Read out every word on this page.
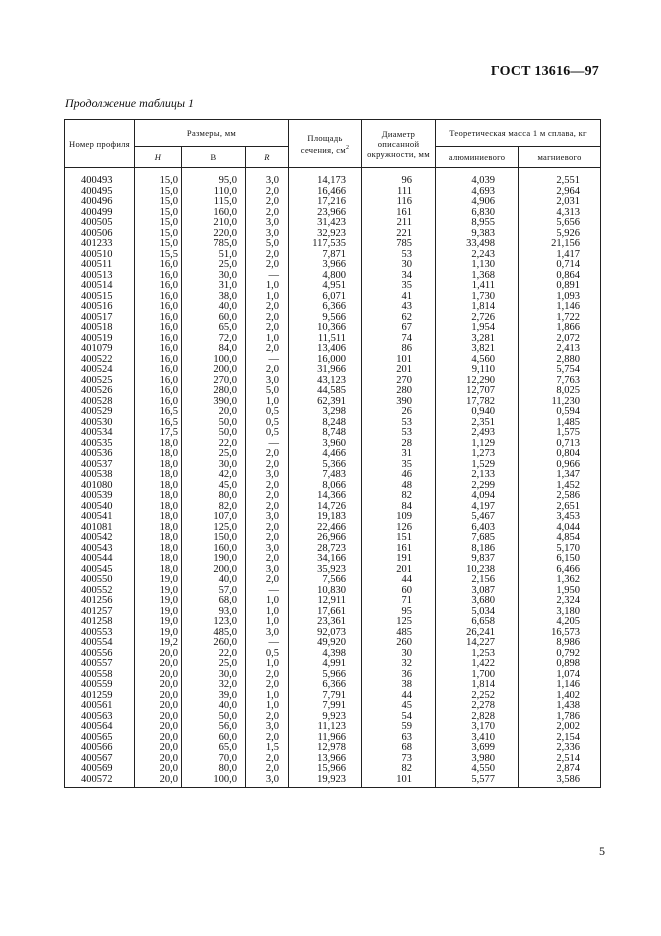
ГОСТ 13616—97
Продолжение таблицы 1
Номер профиля	Размеры, мм			Площадь сечения, $см^2$	Диаметр описанной окружности, мм	Теоретическая масса 1 м сплава, кг	
	H	B	R			алюминиевого	магниевого
400493	15,0	95,0	3,0	14,173	96	4,039	2,551
400495	15,0	110,0	2,0	16,466	111	4,693	2,964
400496	15,0	115,0	2,0	17,216	116	4,906	2,031
400499	15,0	160,0	2,0	23,966	161	6,830	4,313
400505	15,0	210,0	3,0	31,423	211	8,955	5,656
400506	15,0	220,0	3,0	32,923	221	9,383	5,926
401233	15,0	785,0	5,0	117,535	785	33,498	21,156
400510	15,5	51,0	2,0	7,871	53	2,243	1,417
400511	16,0	25,0	2,0	3,966	30	1,130	0,714
400513	16,0	30,0	—	4,800	34	1,368	0,864
400514	16,0	31,0	1,0	4,951	35	1,411	0,891
400515	16,0	38,0	1,0	6,071	41	1,730	1,093
400516	16,0	40,0	2,0	6,366	43	1,814	1,146
400517	16,0	60,0	2,0	9,566	62	2,726	1,722
400518	16,0	65,0	2,0	10,366	67	1,954	1,866
400519	16,0	72,0	1,0	11,511	74	3,281	2,072
401079	16,0	84,0	2,0	13,406	86	3,821	2,413
400522	16,0	100,0	—	16,000	101	4,560	2,880
400524	16,0	200,0	2,0	31,966	201	9,110	5,754
400525	16,0	270,0	3,0	43,123	270	12,290	7,763
400526	16,0	280,0	5,0	44,585	280	12,707	8,025
400528	16,0	390,0	1,0	62,391	390	17,782	11,230
400529	16,5	20,0	0,5	3,298	26	0,940	0,594
400530	16,5	50,0	0,5	8,248	53	2,351	1,485
400534	17,5	50,0	0,5	8,748	53	2,493	1,575
400535	18,0	22,0	—	3,960	28	1,129	0,713
400536	18,0	25,0	2,0	4,466	31	1,273	0,804
400537	18,0	30,0	2,0	5,366	35	1,529	0,966
400538	18,0	42,0	3,0	7,483	46	2,133	1,347
401080	18,0	45,0	2,0	8,066	48	2,299	1,452
400539	18,0	80,0	2,0	14,366	82	4,094	2,586
400540	18,0	82,0	2,0	14,726	84	4,197	2,651
400541	18,0	107,0	3,0	19,183	109	5,467	3,453
401081	18,0	125,0	2,0	22,466	126	6,403	4,044
400542	18,0	150,0	2,0	26,966	151	7,685	4,854
400543	18,0	160,0	3,0	28,723	161	8,186	5,170
400544	18,0	190,0	2,0	34,166	191	9,837	6,150
400545	18,0	200,0	3,0	35,923	201	10,238	6,466
400550	19,0	40,0	2,0	7,566	44	2,156	1,362
400552	19,0	57,0	—	10,830	60	3,087	1,950
401256	19,0	68,0	1,0	12,911	71	3,680	2,324
401257	19,0	93,0	1,0	17,661	95	5,034	3,180
401258	19,0	123,0	1,0	23,361	125	6,658	4,205
400553	19,0	485,0	3,0	92,073	485	26,241	16,573
400554	19,2	260,0	—	49,920	260	14,227	8,986
400556	20,0	22,0	0,5	4,398	30	1,253	0,792
400557	20,0	25,0	1,0	4,991	32	1,422	0,898
400558	20,0	30,0	2,0	5,966	36	1,700	1,074
400559	20,0	32,0	2,0	6,366	38	1,814	1,146
401259	20,0	39,0	1,0	7,791	44	2,252	1,402
400561	20,0	40,0	1,0	7,991	45	2,278	1,438
400563	20,0	50,0	2,0	9,923	54	2,828	1,786
400564	20,0	56,0	3,0	11,123	59	3,170	2,002
400565	20,0	60,0	2,0	11,966	63	3,410	2,154
400566	20,0	65,0	1,5	12,978	68	3,699	2,336
400567	20,0	70,0	2,0	13,966	73	3,980	2,514
400569	20,0	80,0	2,0	15,966	82	4,550	2,874
400572	20,0	100,0	3,0	19,923	101	5,577	3,586
5
